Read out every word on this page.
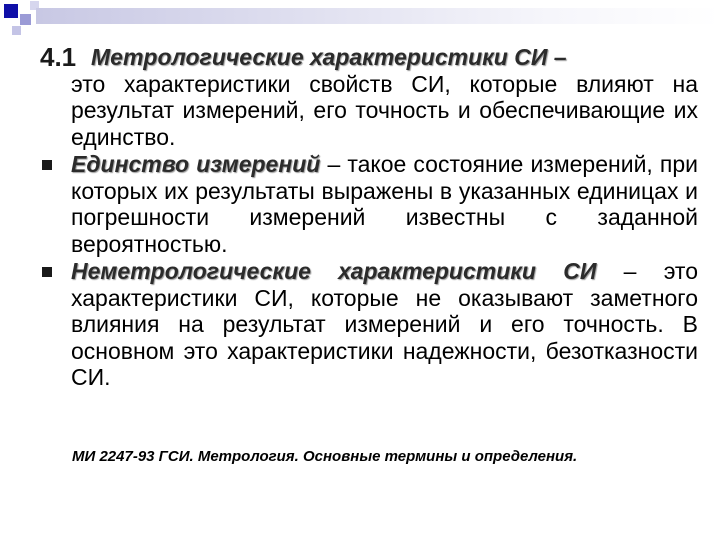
4.1 Метрологические характеристики СИ –
это характеристики свойств СИ, которые влияют на результат измерений, его точность и обеспечивающие их единство.
Единство измерений – такое состояние измерений, при которых их результаты выражены в указанных единицах и погрешности измерений известны с заданной вероятностью.
Неметрологические характеристики СИ – это характеристики СИ, которые не оказывают заметного влияния на результат измерений и его точность. В основном это характеристики надежности, безотказности СИ.
МИ 2247-93 ГСИ. Метрология. Основные термины и определения.
